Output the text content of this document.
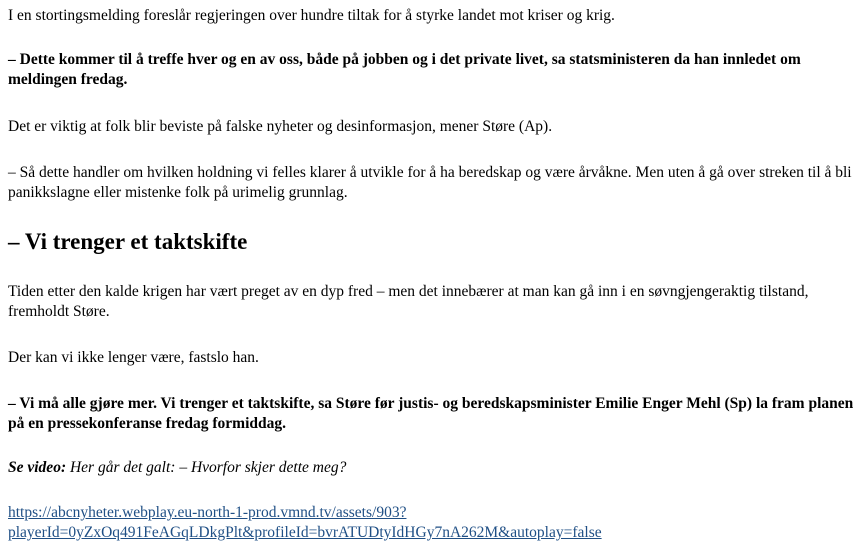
I en stortingsmelding foreslår regjeringen over hundre tiltak for å styrke landet mot kriser og krig.

– Dette kommer til å treffe hver og en av oss, både på jobben og i det private livet, sa statsministeren da han innledet om meldingen fredag.

Det er viktig at folk blir beviste på falske nyheter og desinformasjon, mener Støre (Ap).

– Så dette handler om hvilken holdning vi felles klarer å utvikle for å ha beredskap og være årvåkne. Men uten å gå over streken til å bli panikkslagne eller mistenke folk på urimelig grunnlag.

– Vi trenger et taktskifte

Tiden etter den kalde krigen har vært preget av en dyp fred – men det innebærer at man kan gå inn i en søvngjengeraktig tilstand, fremholdt Støre.

Der kan vi ikke lenger være, fastslo han.

– Vi må alle gjøre mer. Vi trenger et taktskifte, sa Støre før justis- og beredskapsminister Emilie Enger Mehl (Sp) la fram planen på en pressekonferanse fredag formiddag.

Se video: Her går det galt: – Hvorfor skjer dette meg?

https://abcnyheter.webplay.eu-north-1-prod.vmnd.tv/assets/903?
playerId=0yZxOq491FeAGqLDkgPlt&profileId=bvrATUDtyIdHGy7nA262M&autoplay=false
